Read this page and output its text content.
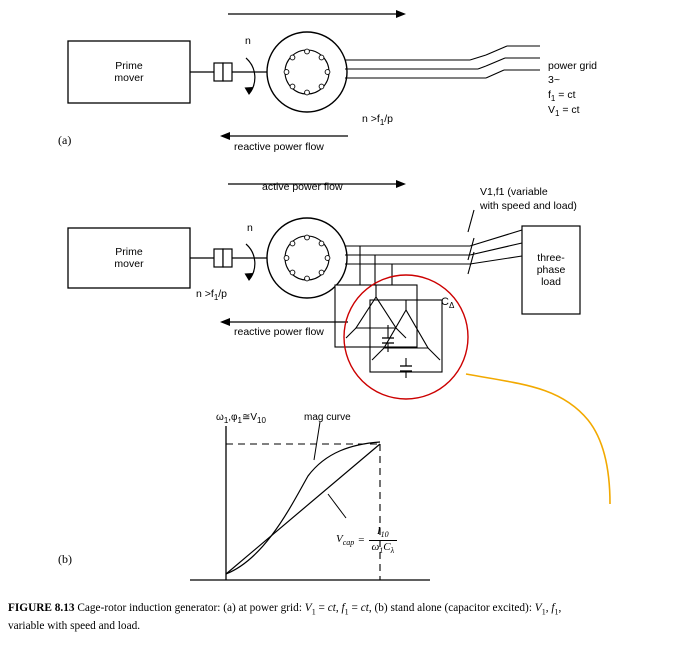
Prime
mover
n
$n >f_1/p$
reactive power flow
power grid
3~
$f_1$ = ct
$V_1$ = ct
(a)
Prime
mover
three-
phase
load
active power flow
n
$n >f_1/p$
reactive power flow
V1,f1 (variable
with speed and load)
$C_\Delta$
(b)
$\omega_1,\varphi_1≅V_{10}$	mag curve
$V_{cap} = \frac{I_{10}}{\omega_1C_\lambda}$
FIGURE 8.13 Cage-rotor induction generator: (a) at power grid: $V_1$ = ct, $f_1$ = ct, (b) stand alone (capacitor excited): $V_1$, $f_1$,
variable with speed and load.
